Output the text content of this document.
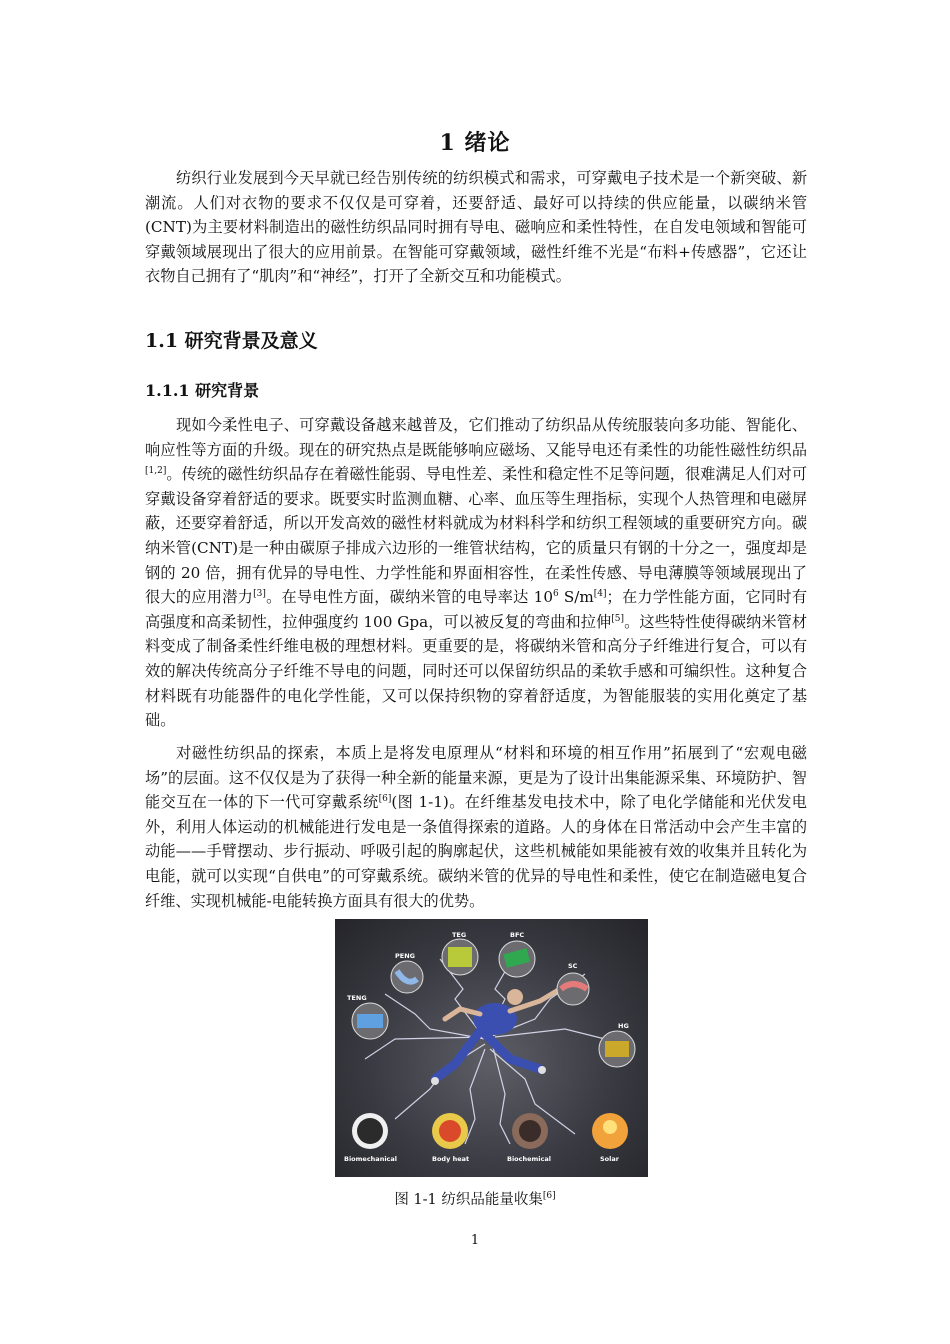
1 绪论

纺织行业发展到今天早就已经告别传统的纺织模式和需求，可穿戴电子技术是一个新突破、新潮流。人们对衣物的要求不仅仅是可穿着，还要舒适、最好可以持续的供应能量，以碳纳米管(CNT)为主要材料制造出的磁性纺织品同时拥有导电、磁响应和柔性特性，在自发电领域和智能可穿戴领域展现出了很大的应用前景。在智能可穿戴领域，磁性纤维不光是“布料+传感器”，它还让衣物自己拥有了“肌肉”和“神经”，打开了全新交互和功能模式。

1.1 研究背景及意义
1.1.1 研究背景

现如今柔性电子、可穿戴设备越来越普及，它们推动了纺织品从传统服装向多功能、智能化、响应性等方面的升级。现在的研究热点是既能够响应磁场、又能导电还有柔性的功能性磁性纺织品[1,2]。传统的磁性纺织品存在着磁性能弱、导电性差、柔性和稳定性不足等问题，很难满足人们对可穿戴设备穿着舒适的要求。既要实时监测血糖、心率、血压等生理指标，实现个人热管理和电磁屏蔽，还要穿着舒适，所以开发高效的磁性材料就成为材料科学和纺织工程领域的重要研究方向。碳纳米管(CNT)是一种由碳原子排成六边形的一维管状结构，它的质量只有钢的十分之一，强度却是钢的 20 倍，拥有优异的导电性、力学性能和界面相容性，在柔性传感、导电薄膜等领域展现出了很大的应用潜力[3]。在导电性方面，碳纳米管的电导率达 $10^6$ S/m[4]；在力学性能方面，它同时有高强度和高柔韧性，拉伸强度约 100 Gpa，可以被反复的弯曲和拉伸[5]。这些特性使得碳纳米管材料变成了制备柔性纤维电极的理想材料。更重要的是，将碳纳米管和高分子纤维进行复合，可以有效的解决传统高分子纤维不导电的问题，同时还可以保留纺织品的柔软手感和可编织性。这种复合材料既有功能器件的电化学性能，又可以保持织物的穿着舒适度，为智能服装的实用化奠定了基础。

对磁性纺织品的探索，本质上是将发电原理从“材料和环境的相互作用”拓展到了“宏观电磁场”的层面。这不仅仅是为了获得一种全新的能量来源，更是为了设计出集能源采集、环境防护、智能交互在一体的下一代可穿戴系统[6](图 1-1)。在纤维基发电技术中，除了电化学储能和光伏发电外，利用人体运动的机械能进行发电是一条值得探索的道路。人的身体在日常活动中会产生丰富的动能——手臂摆动、步行振动、呼吸引起的胸廓起伏，这些机械能如果能被有效的收集并且转化为电能，就可以实现“自供电”的可穿戴系统。碳纳米管的优异的导电性和柔性，使它在制造磁电复合纤维、实现机械能-电能转换方面具有很大的优势。

TEG	BFC
PENG
SC
TENG
HG
Biomechanical	Body heat	Biochemical	Solar
图 1-1 纺织品能量收集[6]
1
